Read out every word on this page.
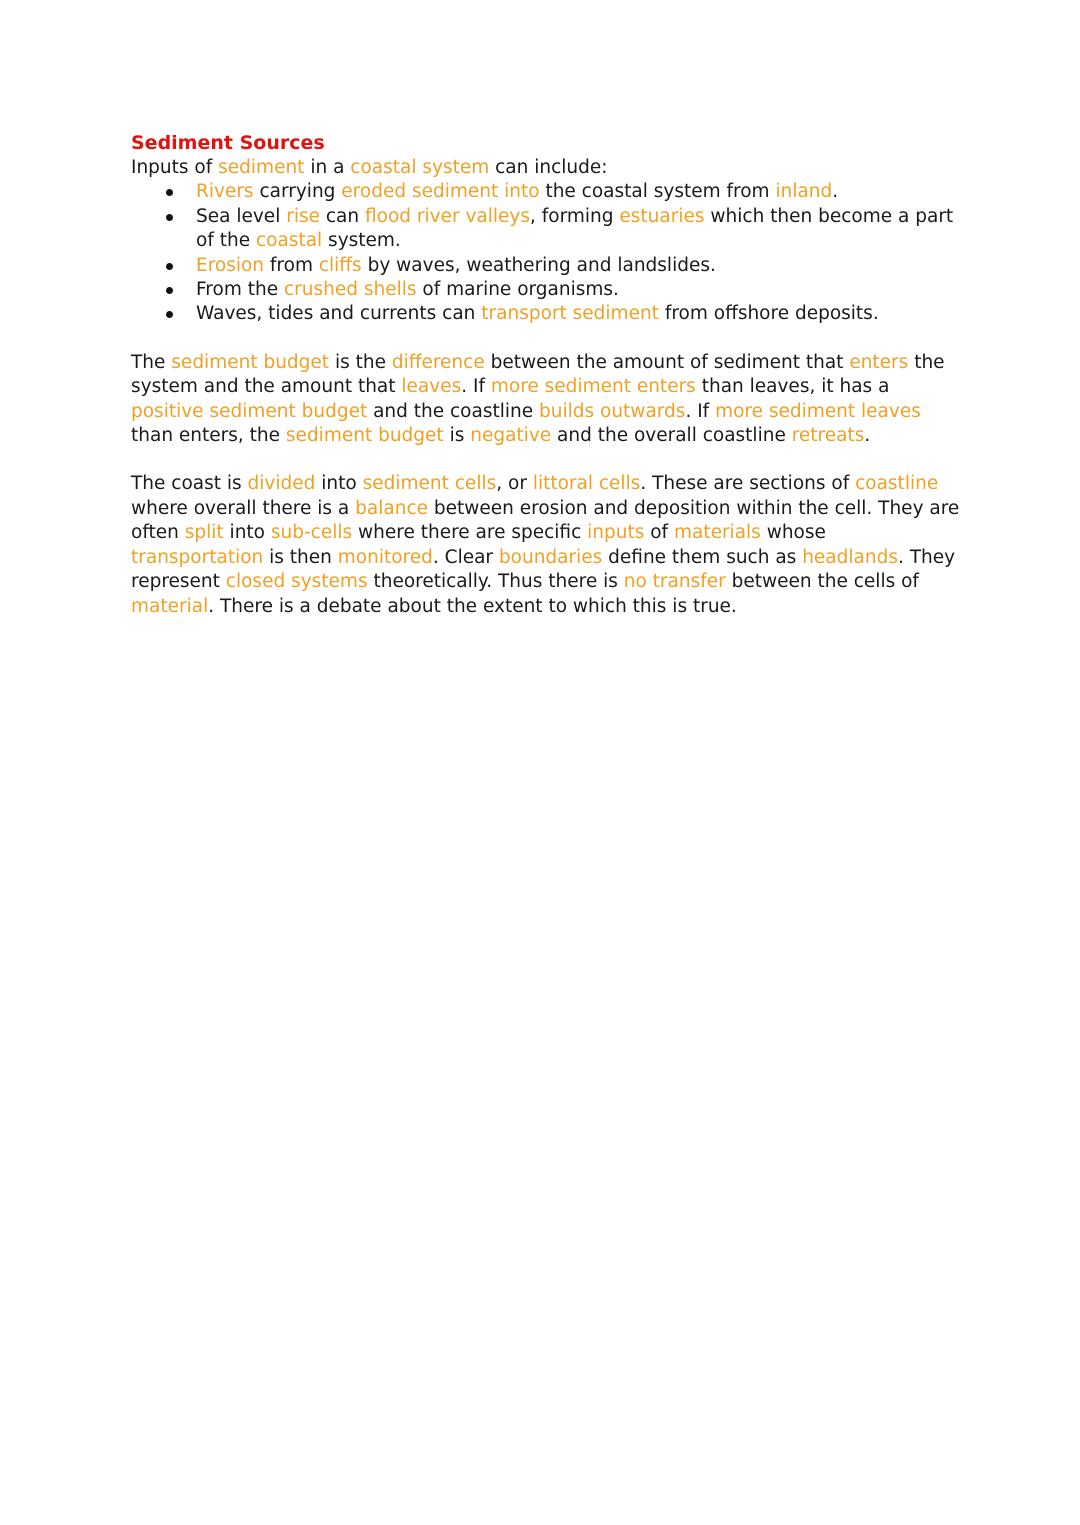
Sediment Sources

Inputs of sediment in a coastal system can include:

Rivers carrying eroded sediment into the coastal system from inland.
Sea level rise can flood river valleys, forming estuaries which then become a part of the coastal system.
Erosion from cliffs by waves, weathering and landslides.
From the crushed shells of marine organisms.
Waves, tides and currents can transport sediment from offshore deposits.

The sediment budget is the difference between the amount of sediment that enters the system and the amount that leaves. If more sediment enters than leaves, it has a positive sediment budget and the coastline builds outwards. If more sediment leaves than enters, the sediment budget is negative and the overall coastline retreats.

The coast is divided into sediment cells, or littoral cells. These are sections of coastline where overall there is a balance between erosion and deposition within the cell. They are often split into sub-cells where there are specific inputs of materials whose transportation is then monitored. Clear boundaries define them such as headlands. They represent closed systems theoretically. Thus there is no transfer between the cells of material. There is a debate about the extent to which this is true.
